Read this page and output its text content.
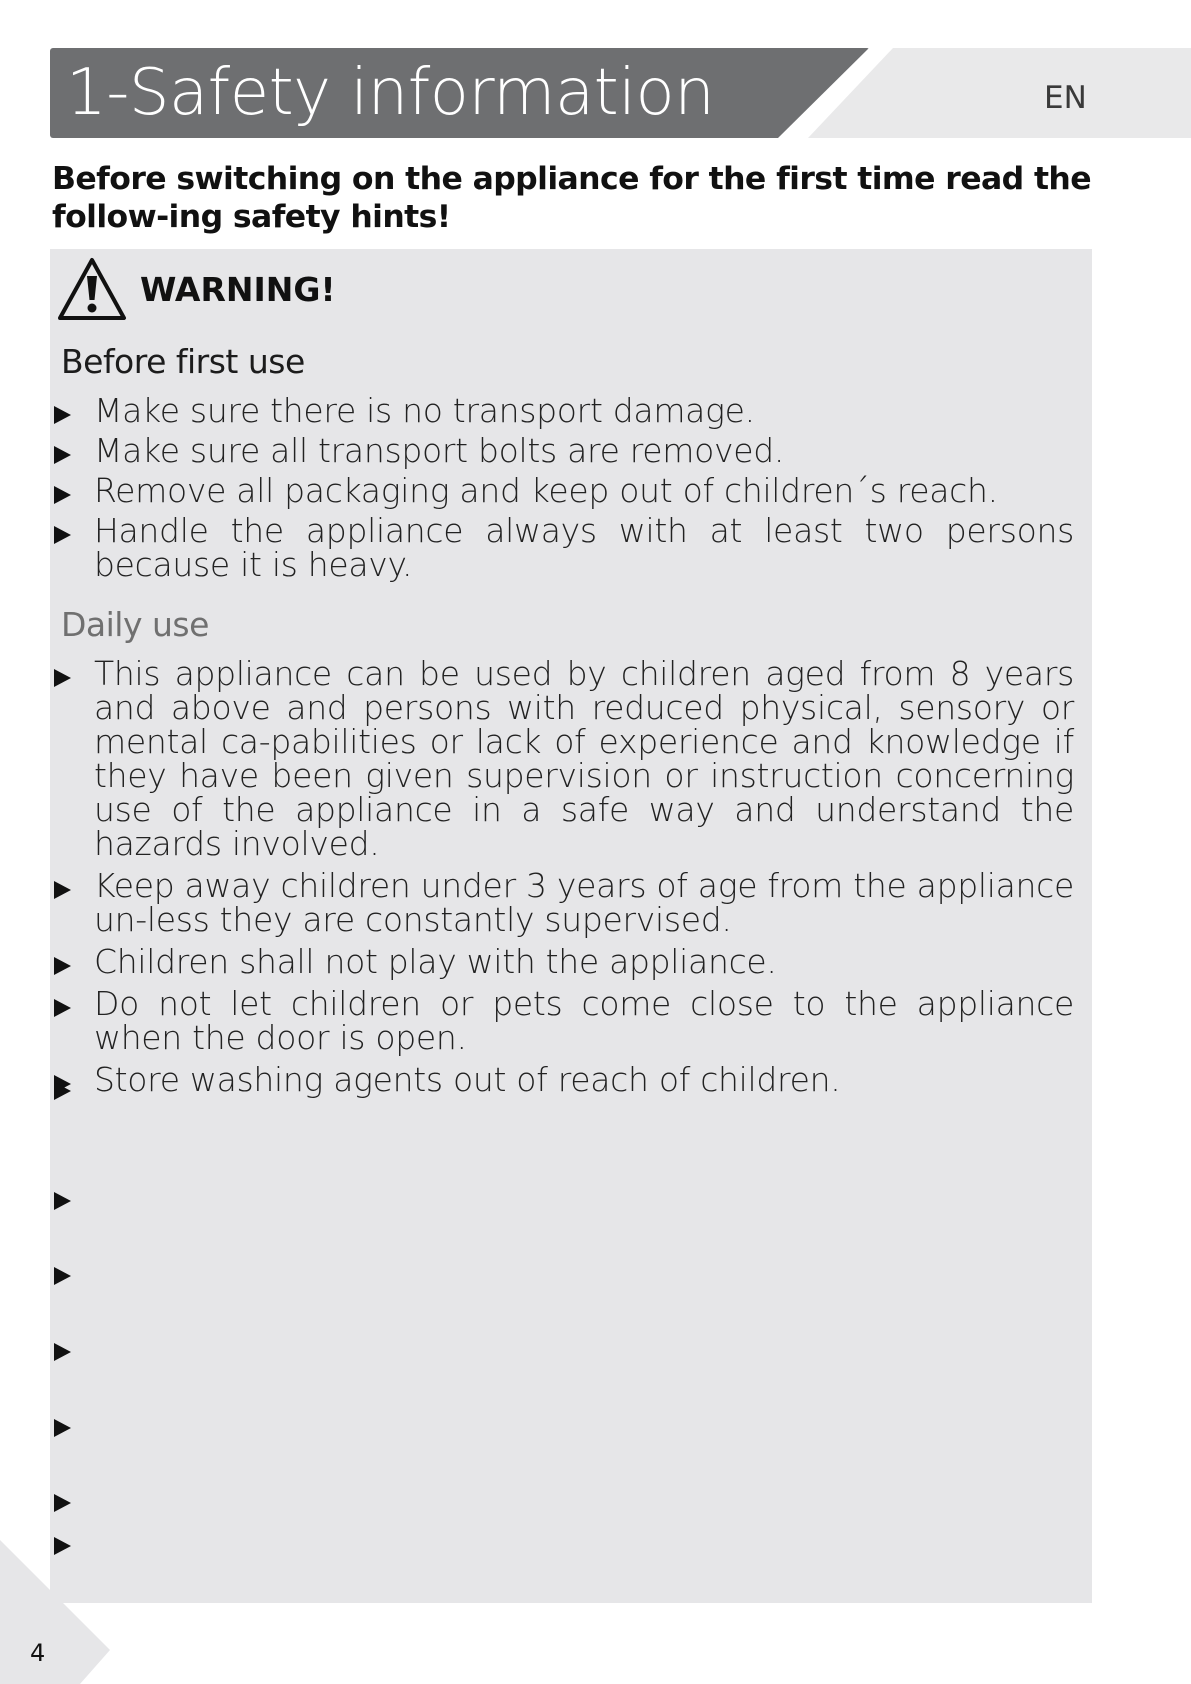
1-Safety information	EN
Before switching on the appliance for the first time read the follow-ing safety hints!
WARNING!
Before first use
Make sure there is no transport damage.
Make sure all transport bolts are removed.
Remove all packaging and keep out of children´s reach.
Handle the appliance always with at least two persons because it is heavy.
Daily use
This appliance can be used by children aged from 8 years and above and persons with reduced physical, sensory or mental ca-pabilities or lack of experience and knowledge if they have been given supervision or instruction concerning use of the appliance in a safe way and understand the hazards involved.
Keep away children under 3 years of age from the appliance un-less they are constantly supervised.
Children shall not play with the appliance.
Do not let children or pets come close to the appliance when the door is open.
Store washing agents out of reach of children.
4
